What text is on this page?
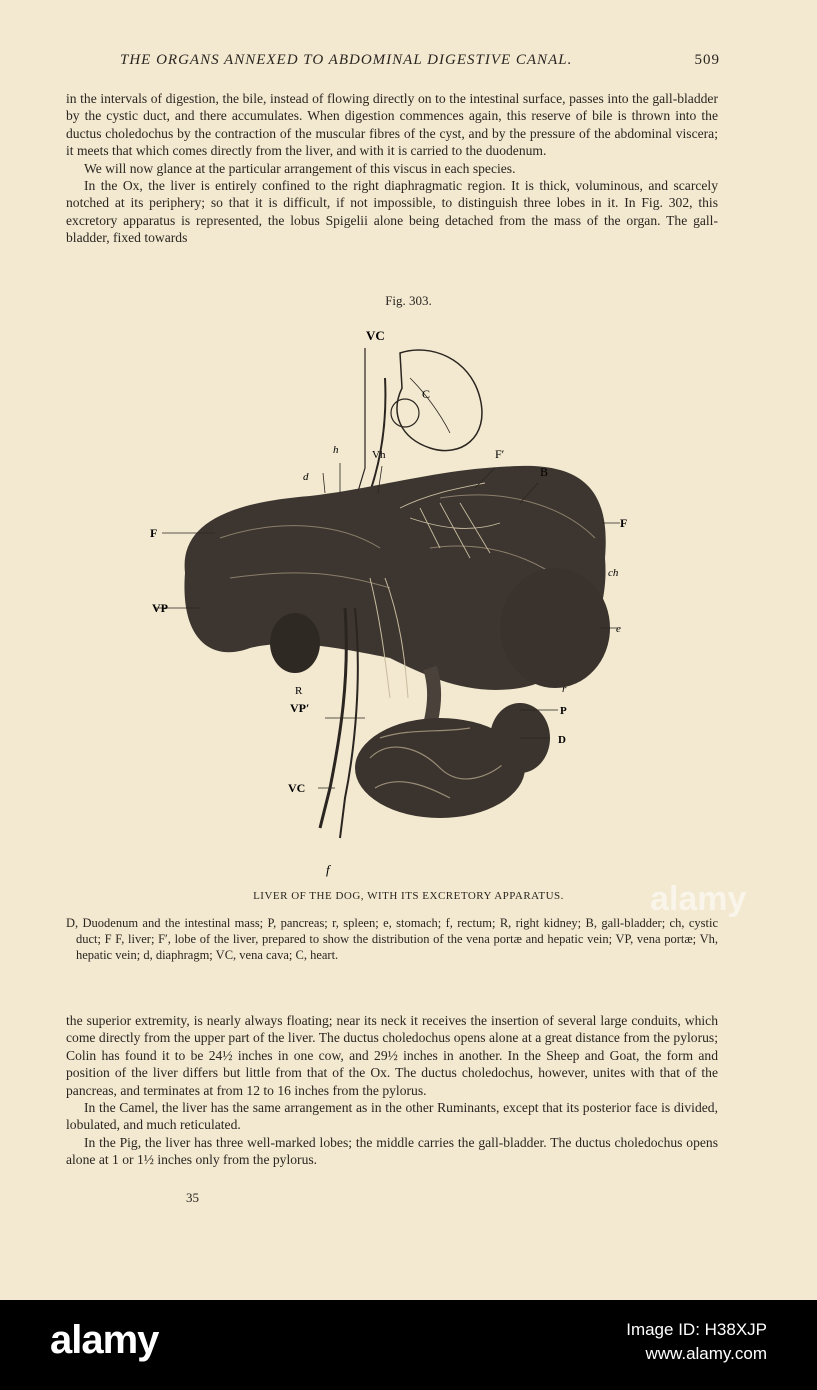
THE ORGANS ANNEXED TO ABDOMINAL DIGESTIVE CANAL.	509

in the intervals of digestion, the bile, instead of flowing directly on to the intestinal surface, passes into the gall-bladder by the cystic duct, and there accumulates. When digestion commences again, this reserve of bile is thrown into the ductus choledochus by the contraction of the muscular fibres of the cyst, and by the pressure of the abdominal viscera; it meets that which comes directly from the liver, and with it is carried to the duodenum.

We will now glance at the particular arrangement of this viscus in each species.

In the Ox, the liver is entirely confined to the right diaphragmatic region. It is thick, voluminous, and scarcely notched at its periphery; so that it is difficult, if not impossible, to distinguish three lobes in it. In Fig. 302, this excretory apparatus is represented, the lobus Spigelii alone being detached from the mass of the organ. The gall-bladder, fixed towards

Fig. 303.
VC
C
h	Vh	F′
B
d
F
F
ch
VP
e
R
VP′
r
P
D
VC
f
LIVER OF THE DOG, WITH ITS EXCRETORY APPARATUS.
D, Duodenum and the intestinal mass; P, pancreas; r, spleen; e, stomach; f, rectum; R, right kidney; B, gall-bladder; ch, cystic duct; F F, liver; F′, lobe of the liver, prepared to show the distribution of the vena portæ and hepatic vein; VP, vena portæ; Vh, hepatic vein; d, diaphragm; VC, vena cava; C, heart.

the superior extremity, is nearly always floating; near its neck it receives the insertion of several large conduits, which come directly from the upper part of the liver. The ductus choledochus opens alone at a great distance from the pylorus; Colin has found it to be 24½ inches in one cow, and 29½ inches in another. In the Sheep and Goat, the form and position of the liver differs but little from that of the Ox. The ductus choledochus, however, unites with that of the pancreas, and terminates at from 12 to 16 inches from the pylorus.

In the Camel, the liver has the same arrangement as in the other Ruminants, except that its posterior face is divided, lobulated, and much reticulated.

In the Pig, the liver has three well-marked lobes; the middle carries the gall-bladder. The ductus choledochus opens alone at 1 or 1½ inches only from the pylorus.

35
alamy
alamy	Image ID: H38XJP
www.alamy.com
